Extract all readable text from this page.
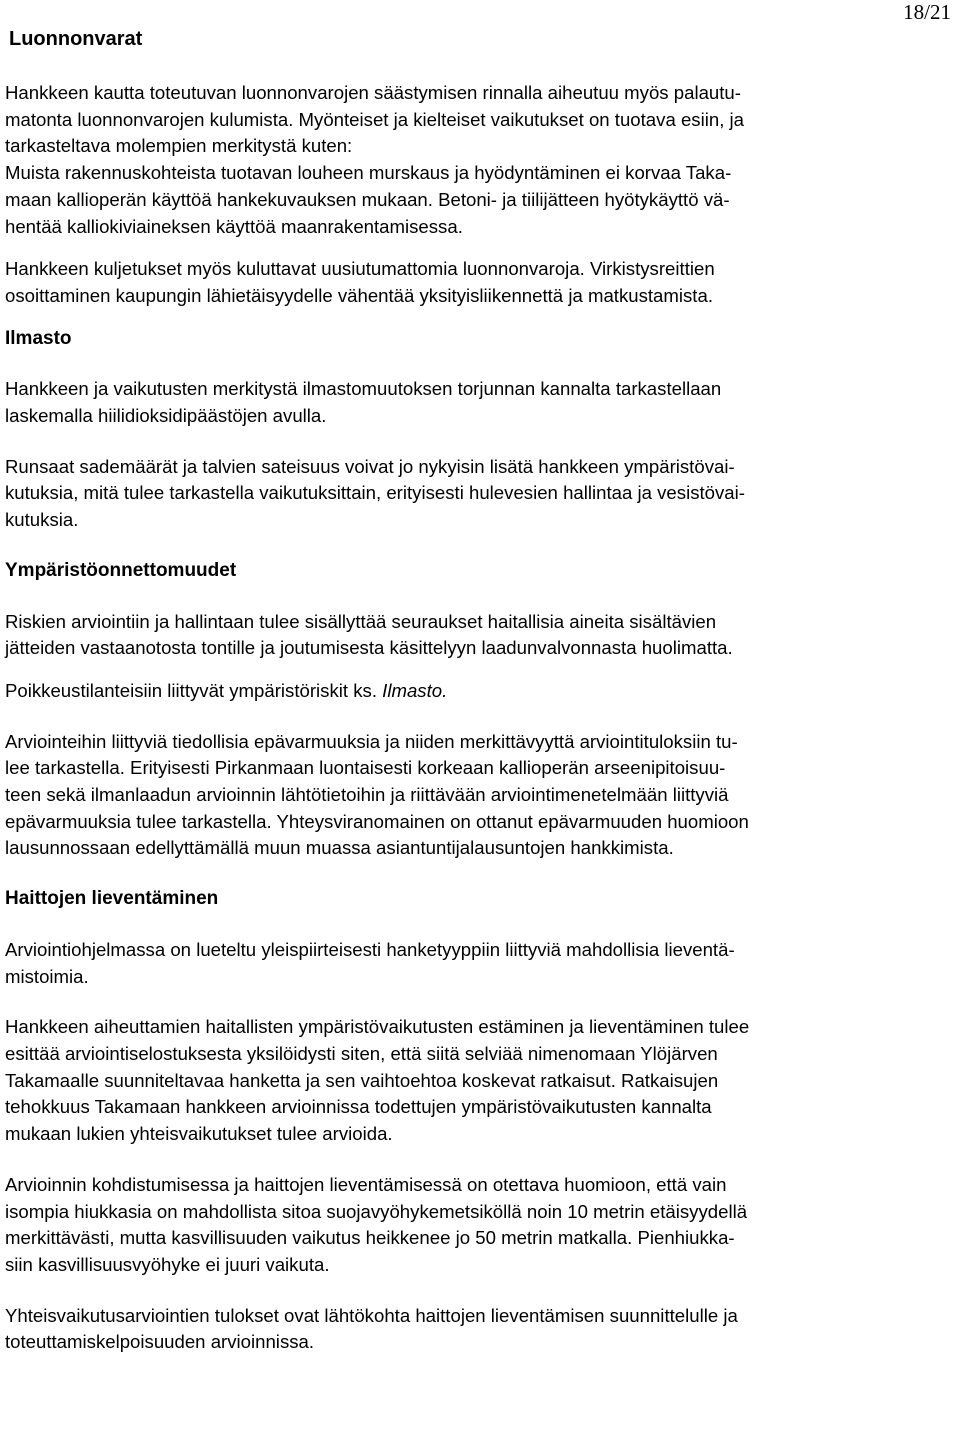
18/21
Luonnonvarat
Hankkeen kautta toteutuvan luonnonvarojen säästymisen rinnalla aiheutuu myös palautu-
matonta luonnonvarojen kulumista. Myönteiset ja kielteiset vaikutukset on tuotava esiin, ja
tarkasteltava molempien merkitystä kuten:
Muista rakennuskohteista tuotavan louheen murskaus ja hyödyntäminen ei korvaa Taka-
maan kallioperän käyttöä hankekuvauksen mukaan. Betoni- ja tiilijätteen hyötykäyttö vä-
hentää kalliokiviaineksen käyttöä maanrakentamisessa.
Hankkeen kuljetukset myös kuluttavat uusiutumattomia luonnonvaroja. Virkistysreittien
osoittaminen kaupungin lähietäisyydelle vähentää yksityisliikennettä ja matkustamista.
Ilmasto
Hankkeen ja vaikutusten merkitystä ilmastomuutoksen torjunnan kannalta tarkastellaan
laskemalla hiilidioksidipäästöjen avulla.
Runsaat sademäärät ja talvien sateisuus voivat jo nykyisin lisätä hankkeen ympäristövai-
kutuksia, mitä tulee tarkastella vaikutuksittain, erityisesti hulevesien hallintaa ja vesistövai-
kutuksia.
Ympäristöonnettomuudet
Riskien arviointiin ja hallintaan tulee sisällyttää seuraukset haitallisia aineita sisältävien
jätteiden vastaanotosta tontille ja joutumisesta käsittelyyn laadunvalvonnasta huolimatta.
Poikkeustilanteisiin liittyvät ympäristöriskit ks. Ilmasto.
Arviointeihin liittyviä tiedollisia epävarmuuksia ja niiden merkittävyyttä arviointituloksiin tu-
lee tarkastella. Erityisesti Pirkanmaan luontaisesti korkeaan kallioperän arseenipitoisuu-
teen sekä ilmanlaadun arvioinnin lähtötietoihin ja riittävään arviointimenetelmään liittyviä
epävarmuuksia tulee tarkastella. Yhteysviranomainen on ottanut epävarmuuden huomioon
lausunnossaan edellyttämällä muun muassa asiantuntijalausuntojen hankkimista.
Haittojen lieventäminen
Arviointiohjelmassa on lueteltu yleispiirteisesti hanketyyppiin liittyviä mahdollisia lieventä-
mistoimia.
Hankkeen aiheuttamien haitallisten ympäristövaikutusten estäminen ja lieventäminen tulee
esittää arviointiselostuksesta yksilöidysti siten, että siitä selviää nimenomaan Ylöjärven
Takamaalle suunniteltavaa hanketta ja sen vaihtoehtoa koskevat ratkaisut. Ratkaisujen
tehokkuus Takamaan hankkeen arvioinnissa todettujen ympäristövaikutusten kannalta
mukaan lukien yhteisvaikutukset tulee arvioida.
Arvioinnin kohdistumisessa ja haittojen lieventämisessä on otettava huomioon, että vain
isompia hiukkasia on mahdollista sitoa suojavyöhykemetsiköllä noin 10 metrin etäisyydellä
merkittävästi, mutta kasvillisuuden vaikutus heikkenee jo 50 metrin matkalla. Pienhiukka-
siin kasvillisuusvyöhyke ei juuri vaikuta.
Yhteisvaikutusarviointien tulokset ovat lähtökohta haittojen lieventämisen suunnittelulle ja
toteuttamiskelpoisuuden arvioinnissa.
